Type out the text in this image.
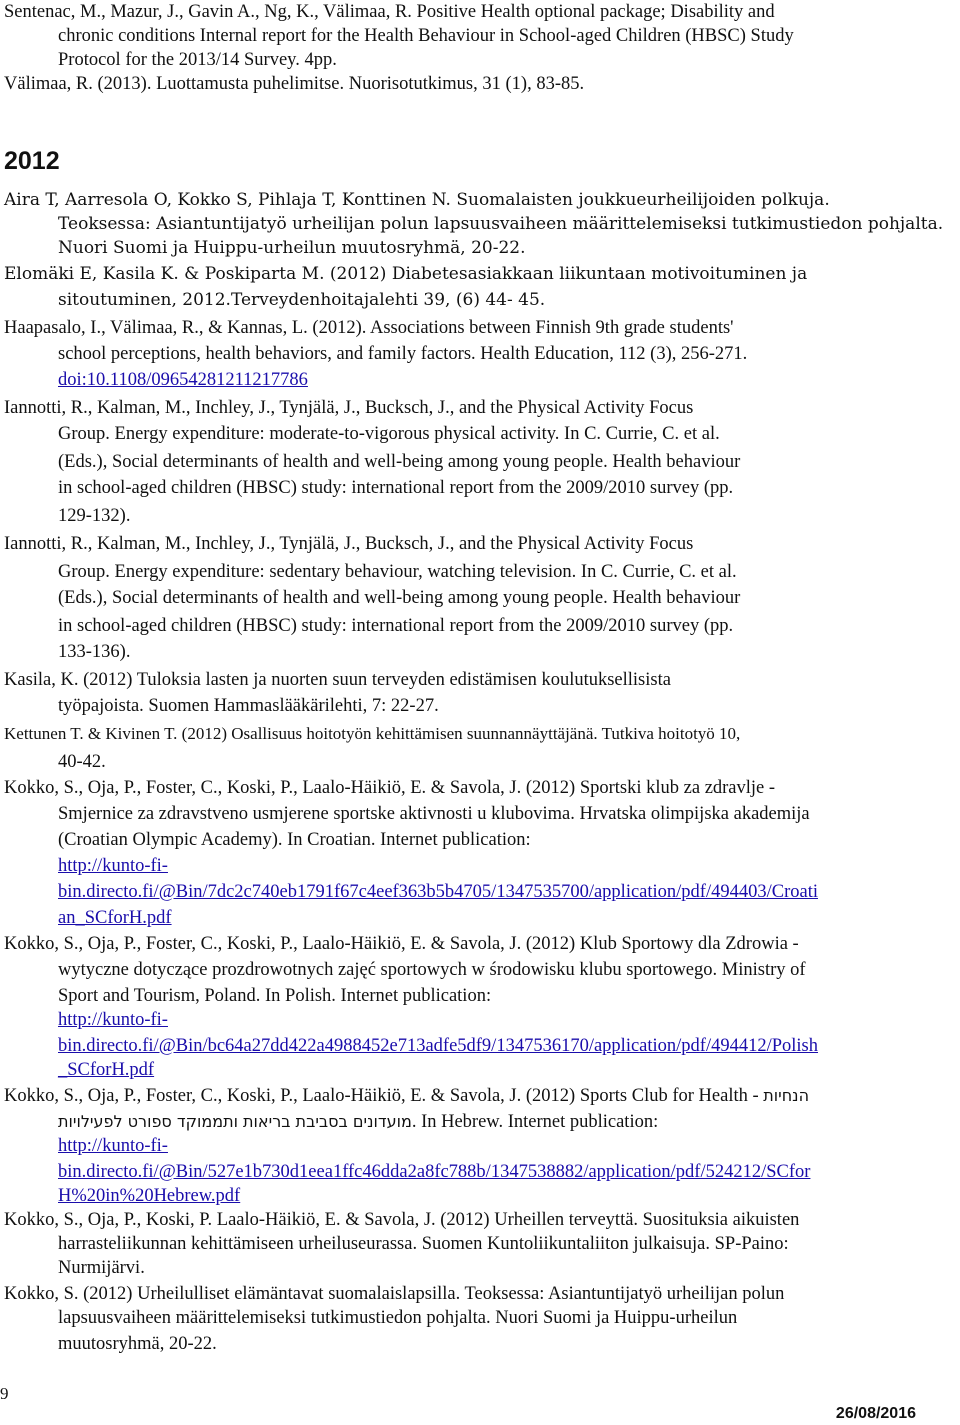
Sentenac, M., Mazur, J., Gavin A., Ng, K., Välimaa, R. Positive Health optional package; Disability and
chronic conditions Internal report for the Health Behaviour in School-aged Children (HBSC) Study
Protocol for the 2013/14 Survey. 4pp.
Välimaa, R. (2013). Luottamusta puhelimitse. Nuorisotutkimus, 31 (1), 83-85.
2012
Aira T, Aarresola O, Kokko S, Pihlaja T, Konttinen N. Suomalaisten joukkueurheilijoiden polkuja.
Teoksessa: Asiantuntijatyö urheilijan polun lapsuusvaiheen määrittelemiseksi tutkimustiedon pohjalta.
Nuori Suomi ja Huippu-urheilun muutosryhmä, 20-22.
Elomäki E, Kasila K. & Poskiparta M. (2012) Diabetesasiakkaan liikuntaan motivoituminen ja
sitoutuminen, 2012.Terveydenhoitajalehti 39, (6) 44- 45.
Haapasalo, I., Välimaa, R., & Kannas, L. (2012). Associations between Finnish 9th grade students'
school perceptions, health behaviors, and family factors. Health Education, 112 (3), 256-271.
doi:10.1108/09654281211217786
Iannotti, R., Kalman, M., Inchley, J., Tynjälä, J., Bucksch, J., and the Physical Activity Focus
Group. Energy expenditure: moderate-to-vigorous physical activity. In C. Currie, C. et al.
(Eds.), Social determinants of health and well-being among young people. Health behaviour
in school-aged children (HBSC) study: international report from the 2009/2010 survey (pp.
129-132).
Iannotti, R., Kalman, M., Inchley, J., Tynjälä, J., Bucksch, J., and the Physical Activity Focus
Group. Energy expenditure: sedentary behaviour, watching television. In C. Currie, C. et al.
(Eds.), Social determinants of health and well-being among young people. Health behaviour
in school-aged children (HBSC) study: international report from the 2009/2010 survey (pp.
133-136).
Kasila, K. (2012) Tuloksia lasten ja nuorten suun terveyden edistämisen koulutuksellisista
työpajoista. Suomen Hammaslääkärilehti, 7: 22-27.
Kettunen T. & Kivinen T. (2012) Osallisuus hoitotyön kehittämisen suunnannäyttäjänä. Tutkiva hoitotyö 10,
40-42.
Kokko, S., Oja, P., Foster, C., Koski, P., Laalo-Häikiö, E. & Savola, J. (2012) Sportski klub za zdravlje -
Smjernice za zdravstveno usmjerene sportske aktivnosti u klubovima. Hrvatska olimpijska akademija
(Croatian Olympic Academy). In Croatian. Internet publication:
http://kunto-fi-
bin.directo.fi/@Bin/7dc2c740eb1791f67c4eef363b5b4705/1347535700/application/pdf/494403/Croati
an_SCforH.pdf
Kokko, S., Oja, P., Foster, C., Koski, P., Laalo-Häikiö, E. & Savola, J. (2012) Klub Sportowy dla Zdrowia -
wytyczne dotyczące prozdrowotnych zajęć sportowych w środowisku klubu sportowego. Ministry of
Sport and Tourism, Poland. In Polish. Internet publication:
http://kunto-fi-
bin.directo.fi/@Bin/bc64a27dd422a4988452e713adfe5df9/1347536170/application/pdf/494412/Polish
_SCforH.pdf
Kokko, S., Oja, P., Foster, C., Koski, P., Laalo-Häikiö, E. & Savola, J. (2012) Sports Club for Health - הנחיות
מועדונים בסביבת בריאות ותממוקד ספורט לפעילויות. In Hebrew. Internet publication:
http://kunto-fi-
bin.directo.fi/@Bin/527e1b730d1eea1ffc46dda2a8fc788b/1347538882/application/pdf/524212/SCfor
H%20in%20Hebrew.pdf
Kokko, S., Oja, P., Koski, P. Laalo-Häikiö, E. & Savola, J. (2012) Urheillen terveyttä. Suosituksia aikuisten
harrasteliikunnan kehittämiseen urheiluseurassa. Suomen Kuntoliikuntaliiton julkaisuja. SP-Paino:
Nurmijärvi.
Kokko, S. (2012) Urheilulliset elämäntavat suomalaislapsilla. Teoksessa: Asiantuntijatyö urheilijan polun
lapsuusvaiheen määrittelemiseksi tutkimustiedon pohjalta. Nuori Suomi ja Huippu-urheilun
muutosryhmä, 20-22.
9
26/08/2016
